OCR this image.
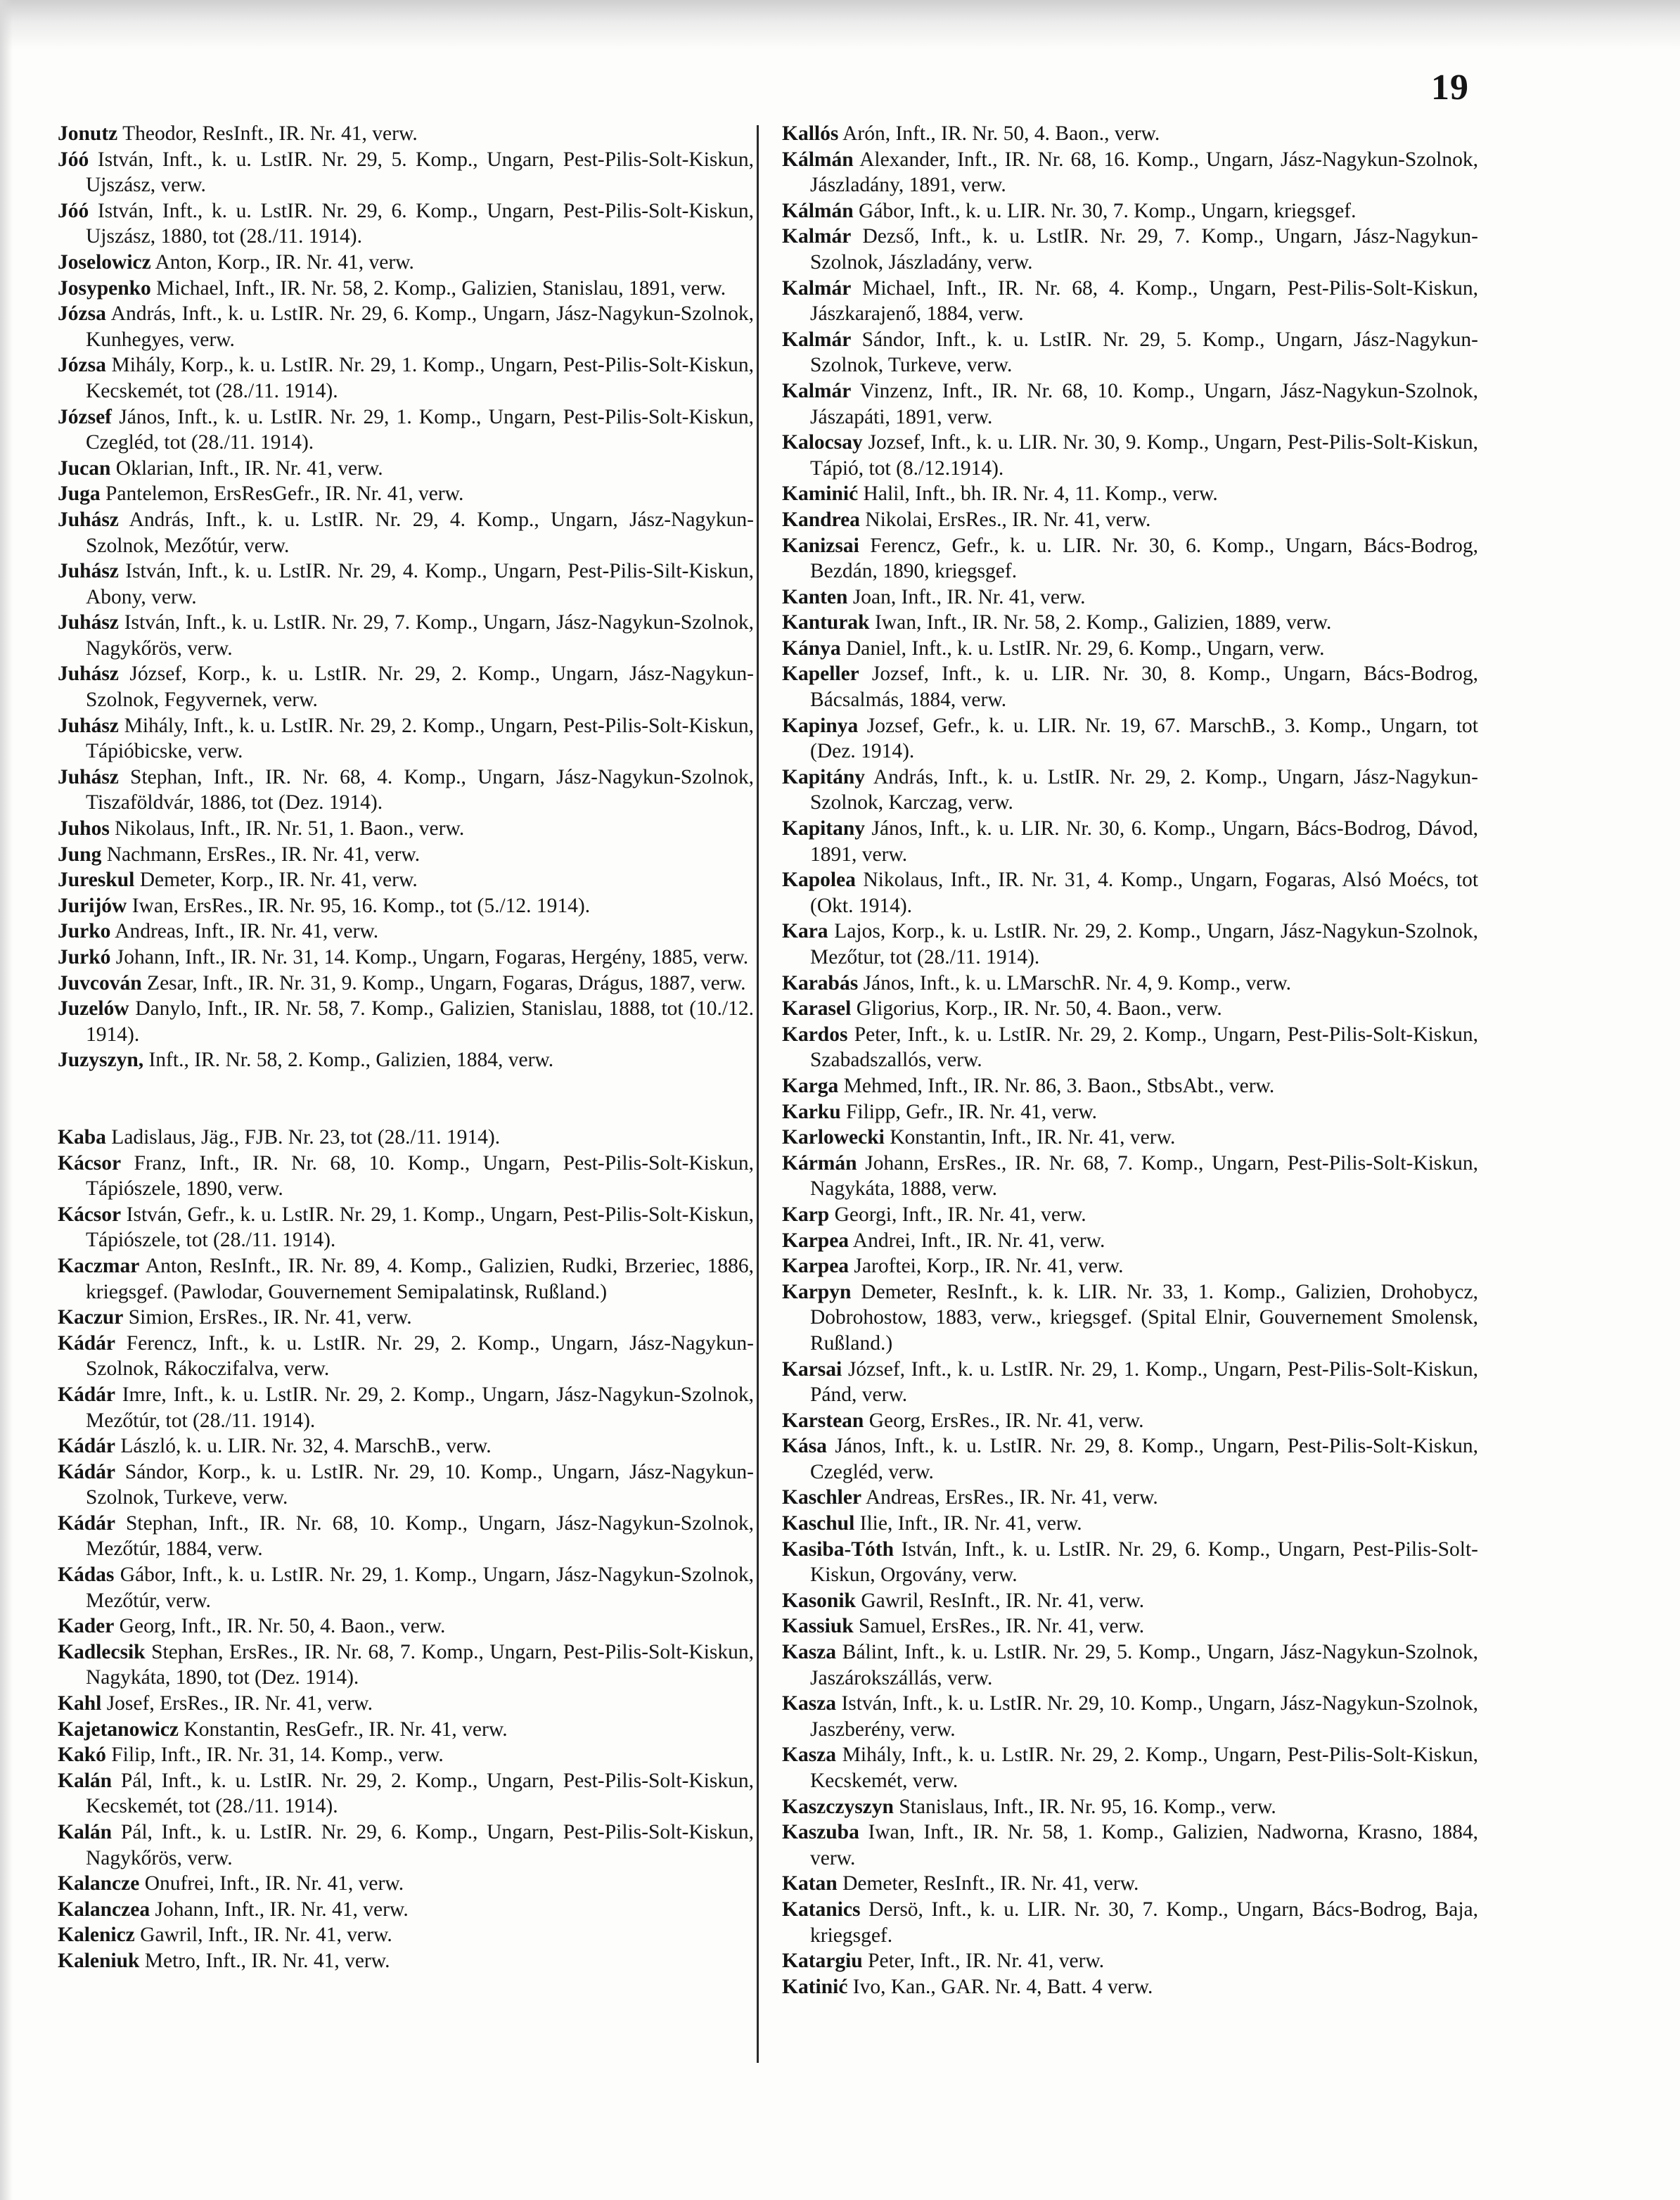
19

Jonutz Theodor, ResInft., IR. Nr. 41, verw.

Jóó István, Inft., k. u. LstIR. Nr. 29, 5. Komp., Ungarn, Pest-Pilis-Solt-Kiskun, Ujszász, verw.

Jóó István, Inft., k. u. LstIR. Nr. 29, 6. Komp., Ungarn, Pest-Pilis-Solt-Kiskun, Ujszász, 1880, tot (28./11. 1914).

Joselowicz Anton, Korp., IR. Nr. 41, verw.

Josypenko Michael, Inft., IR. Nr. 58, 2. Komp., Galizien, Stanislau, 1891, verw.

Józsa András, Inft., k. u. LstIR. Nr. 29, 6. Komp., Ungarn, Jász-Nagykun-Szolnok, Kunhegyes, verw.

Józsa Mihály, Korp., k. u. LstIR. Nr. 29, 1. Komp., Ungarn, Pest-Pilis-Solt-Kiskun, Kecskemét, tot (28./11. 1914).

József János, Inft., k. u. LstIR. Nr. 29, 1. Komp., Ungarn, Pest-Pilis-Solt-Kiskun, Czegléd, tot (28./11. 1914).

Jucan Oklarian, Inft., IR. Nr. 41, verw.

Juga Pantelemon, ErsResGefr., IR. Nr. 41, verw.

Juhász András, Inft., k. u. LstIR. Nr. 29, 4. Komp., Ungarn, Jász-Nagykun-Szolnok, Mezőtúr, verw.

Juhász István, Inft., k. u. LstIR. Nr. 29, 4. Komp., Ungarn, Pest-Pilis-Silt-Kiskun, Abony, verw.

Juhász István, Inft., k. u. LstIR. Nr. 29, 7. Komp., Ungarn, Jász-Nagykun-Szolnok, Nagykőrös, verw.

Juhász József, Korp., k. u. LstIR. Nr. 29, 2. Komp., Ungarn, Jász-Nagykun-Szolnok, Fegyvernek, verw.

Juhász Mihály, Inft., k. u. LstIR. Nr. 29, 2. Komp., Ungarn, Pest-Pilis-Solt-Kiskun, Tápióbicske, verw.

Juhász Stephan, Inft., IR. Nr. 68, 4. Komp., Ungarn, Jász-Nagykun-Szolnok, Tiszaföldvár, 1886, tot (Dez. 1914).

Juhos Nikolaus, Inft., IR. Nr. 51, 1. Baon., verw.

Jung Nachmann, ErsRes., IR. Nr. 41, verw.

Jureskul Demeter, Korp., IR. Nr. 41, verw.

Jurijów Iwan, ErsRes., IR. Nr. 95, 16. Komp., tot (5./12. 1914).

Jurko Andreas, Inft., IR. Nr. 41, verw.

Jurkó Johann, Inft., IR. Nr. 31, 14. Komp., Ungarn, Fogaras, Hergény, 1885, verw.

Juvcován Zesar, Inft., IR. Nr. 31, 9. Komp., Ungarn, Fogaras, Drágus, 1887, verw.

Juzelów Danylo, Inft., IR. Nr. 58, 7. Komp., Galizien, Stanislau, 1888, tot (10./12. 1914).

Juzyszyn, Inft., IR. Nr. 58, 2. Komp., Galizien, 1884, verw.

Kaba Ladislaus, Jäg., FJB. Nr. 23, tot (28./11. 1914).

Kácsor Franz, Inft., IR. Nr. 68, 10. Komp., Ungarn, Pest-Pilis-Solt-Kiskun, Tápiószele, 1890, verw.

Kácsor István, Gefr., k. u. LstIR. Nr. 29, 1. Komp., Ungarn, Pest-Pilis-Solt-Kiskun, Tápiószele, tot (28./11. 1914).

Kaczmar Anton, ResInft., IR. Nr. 89, 4. Komp., Galizien, Rudki, Brzeriec, 1886, kriegsgef. (Pawlodar, Gouvernement Semipalatinsk, Rußland.)

Kaczur Simion, ErsRes., IR. Nr. 41, verw.

Kádár Ferencz, Inft., k. u. LstIR. Nr. 29, 2. Komp., Ungarn, Jász-Nagykun-Szolnok, Rákoczifalva, verw.

Kádár Imre, Inft., k. u. LstIR. Nr. 29, 2. Komp., Ungarn, Jász-Nagykun-Szolnok, Mezőtúr, tot (28./11. 1914).

Kádár László, k. u. LIR. Nr. 32, 4. MarschB., verw.

Kádár Sándor, Korp., k. u. LstIR. Nr. 29, 10. Komp., Ungarn, Jász-Nagykun-Szolnok, Turkeve, verw.

Kádár Stephan, Inft., IR. Nr. 68, 10. Komp., Ungarn, Jász-Nagykun-Szolnok, Mezőtúr, 1884, verw.

Kádas Gábor, Inft., k. u. LstIR. Nr. 29, 1. Komp., Ungarn, Jász-Nagykun-Szolnok, Mezőtúr, verw.

Kader Georg, Inft., IR. Nr. 50, 4. Baon., verw.

Kadlecsik Stephan, ErsRes., IR. Nr. 68, 7. Komp., Ungarn, Pest-Pilis-Solt-Kiskun, Nagykáta, 1890, tot (Dez. 1914).

Kahl Josef, ErsRes., IR. Nr. 41, verw.

Kajetanowicz Konstantin, ResGefr., IR. Nr. 41, verw.

Kakó Filip, Inft., IR. Nr. 31, 14. Komp., verw.

Kalán Pál, Inft., k. u. LstIR. Nr. 29, 2. Komp., Ungarn, Pest-Pilis-Solt-Kiskun, Kecskemét, tot (28./11. 1914).

Kalán Pál, Inft., k. u. LstIR. Nr. 29, 6. Komp., Ungarn, Pest-Pilis-Solt-Kiskun, Nagykőrös, verw.

Kalancze Onufrei, Inft., IR. Nr. 41, verw.

Kalanczea Johann, Inft., IR. Nr. 41, verw.

Kalenicz Gawril, Inft., IR. Nr. 41, verw.

Kaleniuk Metro, Inft., IR. Nr. 41, verw.

Kallós Arón, Inft., IR. Nr. 50, 4. Baon., verw.

Kálmán Alexander, Inft., IR. Nr. 68, 16. Komp., Ungarn, Jász-Nagykun-Szolnok, Jászladány, 1891, verw.

Kálmán Gábor, Inft., k. u. LIR. Nr. 30, 7. Komp., Ungarn, kriegsgef.

Kalmár Dezső, Inft., k. u. LstIR. Nr. 29, 7. Komp., Ungarn, Jász-Nagykun-Szolnok, Jászladány, verw.

Kalmár Michael, Inft., IR. Nr. 68, 4. Komp., Ungarn, Pest-Pilis-Solt-Kiskun, Jászkarajenő, 1884, verw.

Kalmár Sándor, Inft., k. u. LstIR. Nr. 29, 5. Komp., Ungarn, Jász-Nagykun-Szolnok, Turkeve, verw.

Kalmár Vinzenz, Inft., IR. Nr. 68, 10. Komp., Ungarn, Jász-Nagykun-Szolnok, Jászapáti, 1891, verw.

Kalocsay Jozsef, Inft., k. u. LIR. Nr. 30, 9. Komp., Ungarn, Pest-Pilis-Solt-Kiskun, Tápió, tot (8./12.1914).

Kaminić Halil, Inft., bh. IR. Nr. 4, 11. Komp., verw.

Kandrea Nikolai, ErsRes., IR. Nr. 41, verw.

Kanizsai Ferencz, Gefr., k. u. LIR. Nr. 30, 6. Komp., Ungarn, Bács-Bodrog, Bezdán, 1890, kriegsgef.

Kanten Joan, Inft., IR. Nr. 41, verw.

Kanturak Iwan, Inft., IR. Nr. 58, 2. Komp., Galizien, 1889, verw.

Kánya Daniel, Inft., k. u. LstIR. Nr. 29, 6. Komp., Ungarn, verw.

Kapeller Jozsef, Inft., k. u. LIR. Nr. 30, 8. Komp., Ungarn, Bács-Bodrog, Bácsalmás, 1884, verw.

Kapinya Jozsef, Gefr., k. u. LIR. Nr. 19, 67. MarschB., 3. Komp., Ungarn, tot (Dez. 1914).

Kapitány András, Inft., k. u. LstIR. Nr. 29, 2. Komp., Ungarn, Jász-Nagykun-Szolnok, Karczag, verw.

Kapitany János, Inft., k. u. LIR. Nr. 30, 6. Komp., Ungarn, Bács-Bodrog, Dávod, 1891, verw.

Kapolea Nikolaus, Inft., IR. Nr. 31, 4. Komp., Ungarn, Fogaras, Alsó Moécs, tot (Okt. 1914).

Kara Lajos, Korp., k. u. LstIR. Nr. 29, 2. Komp., Ungarn, Jász-Nagykun-Szolnok, Mezőtur, tot (28./11. 1914).

Karabás János, Inft., k. u. LMarschR. Nr. 4, 9. Komp., verw.

Karasel Gligorius, Korp., IR. Nr. 50, 4. Baon., verw.

Kardos Peter, Inft., k. u. LstIR. Nr. 29, 2. Komp., Ungarn, Pest-Pilis-Solt-Kiskun, Szabadszallós, verw.

Karga Mehmed, Inft., IR. Nr. 86, 3. Baon., StbsAbt., verw.

Karku Filipp, Gefr., IR. Nr. 41, verw.

Karlowecki Konstantin, Inft., IR. Nr. 41, verw.

Kármán Johann, ErsRes., IR. Nr. 68, 7. Komp., Ungarn, Pest-Pilis-Solt-Kiskun, Nagykáta, 1888, verw.

Karp Georgi, Inft., IR. Nr. 41, verw.

Karpea Andrei, Inft., IR. Nr. 41, verw.

Karpea Jaroftei, Korp., IR. Nr. 41, verw.

Karpyn Demeter, ResInft., k. k. LIR. Nr. 33, 1. Komp., Galizien, Drohobycz, Dobrohostow, 1883, verw., kriegsgef. (Spital Elnir, Gouvernement Smolensk, Rußland.)

Karsai József, Inft., k. u. LstIR. Nr. 29, 1. Komp., Ungarn, Pest-Pilis-Solt-Kiskun, Pánd, verw.

Karstean Georg, ErsRes., IR. Nr. 41, verw.

Kása János, Inft., k. u. LstIR. Nr. 29, 8. Komp., Ungarn, Pest-Pilis-Solt-Kiskun, Czegléd, verw.

Kaschler Andreas, ErsRes., IR. Nr. 41, verw.

Kaschul Ilie, Inft., IR. Nr. 41, verw.

Kasiba-Tóth István, Inft., k. u. LstIR. Nr. 29, 6. Komp., Ungarn, Pest-Pilis-Solt-Kiskun, Orgovány, verw.

Kasonik Gawril, ResInft., IR. Nr. 41, verw.

Kassiuk Samuel, ErsRes., IR. Nr. 41, verw.

Kasza Bálint, Inft., k. u. LstIR. Nr. 29, 5. Komp., Ungarn, Jász-Nagykun-Szolnok, Jaszárokszállás, verw.

Kasza István, Inft., k. u. LstIR. Nr. 29, 10. Komp., Ungarn, Jász-Nagykun-Szolnok, Jaszberény, verw.

Kasza Mihály, Inft., k. u. LstIR. Nr. 29, 2. Komp., Ungarn, Pest-Pilis-Solt-Kiskun, Kecskemét, verw.

Kaszczyszyn Stanislaus, Inft., IR. Nr. 95, 16. Komp., verw.

Kaszuba Iwan, Inft., IR. Nr. 58, 1. Komp., Galizien, Nadworna, Krasno, 1884, verw.

Katan Demeter, ResInft., IR. Nr. 41, verw.

Katanics Dersö, Inft., k. u. LIR. Nr. 30, 7. Komp., Ungarn, Bács-Bodrog, Baja, kriegsgef.

Katargiu Peter, Inft., IR. Nr. 41, verw.

Katinić Ivo, Kan., GAR. Nr. 4, Batt. 4 verw.
